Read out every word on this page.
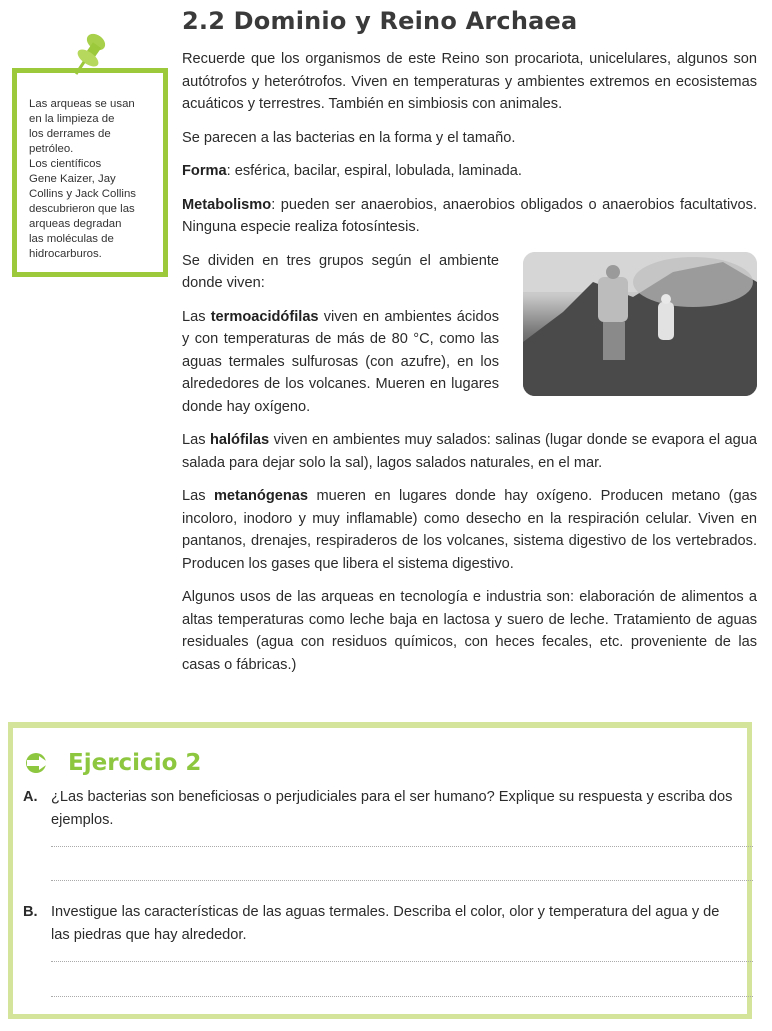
Las arqueas se usan
en la limpieza de
los derrames de
petróleo.
Los científicos
Gene Kaizer, Jay
Collins y Jack Collins
descubrieron que las
arqueas degradan
las moléculas de
hidrocarburos.
2.2 Dominio y Reino Archaea

Recuerde que los organismos de este Reino son procariota, unicelulares, algunos son autótrofos y heterótrofos. Viven en temperaturas y ambientes extremos en ecosistemas acuáticos y terrestres. También en simbiosis con animales.

Se parecen a las bacterias en la forma y el tamaño.

Forma: esférica, bacilar, espiral, lobulada, laminada.

Metabolismo: pueden ser anaerobios, anaerobios obligados o anaerobios facultativos. Ninguna especie realiza fotosíntesis.

Se dividen en tres grupos según el ambiente donde viven:

Las termoacidófilas viven en ambientes ácidos y con temperaturas de más de 80 °C, como las aguas termales sulfurosas (con azufre), en los alrededores de los volcanes. Mueren en lugares donde hay oxígeno.

Las halófilas viven en ambientes muy salados: salinas (lugar donde se evapora el agua salada para dejar solo la sal), lagos salados naturales, en el mar.

Las metanógenas mueren en lugares donde hay oxígeno. Producen metano (gas incoloro, inodoro y muy inflamable) como desecho en la respiración celular. Viven en pantanos, drenajes, respiraderos de los volcanes, sistema digestivo de los vertebrados. Producen los gases que libera el sistema digestivo.

Algunos usos de las arqueas en tecnología e industria son: elaboración de alimentos a altas temperaturas como leche baja en lactosa y suero de leche. Tratamiento de aguas residuales (agua con residuos químicos, con heces fecales, etc. proveniente de las casas o fábricas.)

Ejercicio 2
A. ¿Las bacterias son beneficiosas o perjudiciales para el ser humano? Explique su respuesta y escriba dos ejemplos.
B. Investigue las características de las aguas termales. Describa el color, olor y temperatura del agua y de las piedras que hay alrededor.
